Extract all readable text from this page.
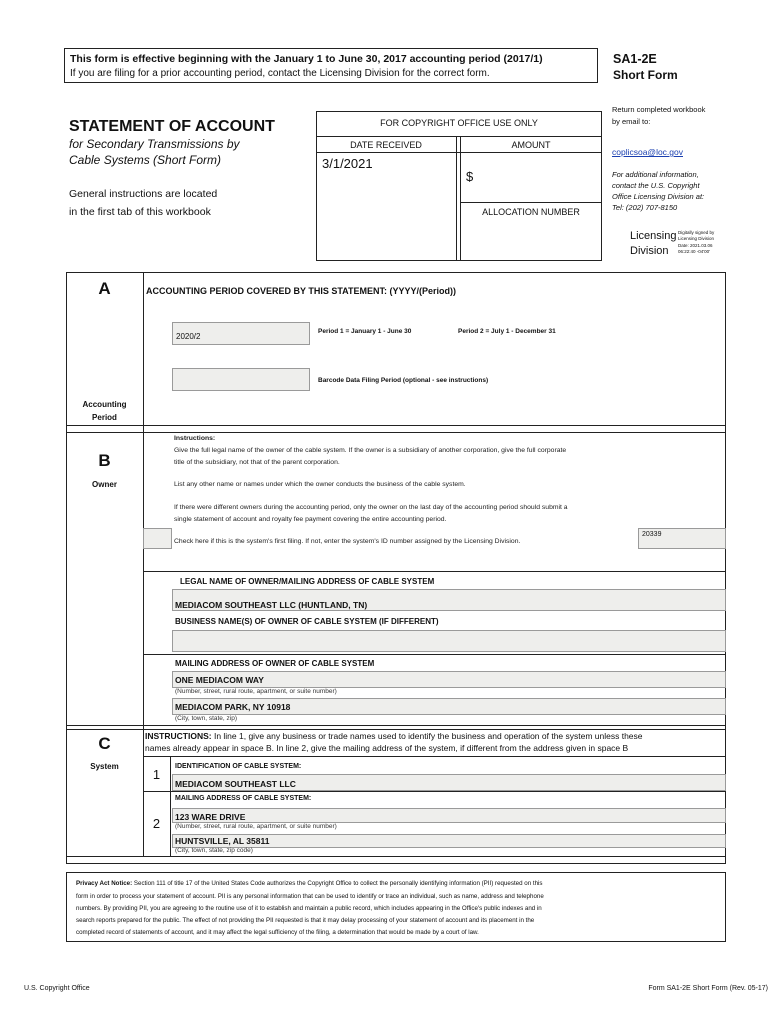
This form is effective beginning with the January 1 to June 30, 2017 accounting period (2017/1)
If you are filing for a prior accounting period, contact the Licensing Division for the correct form.
SA1-2E
Short Form
STATEMENT OF ACCOUNT
for Secondary Transmissions by
Cable Systems (Short Form)
General instructions are located
in the first tab of this workbook
FOR COPYRIGHT OFFICE USE ONLY
DATE RECEIVED	AMOUNT
3/1/2021
$
ALLOCATION NUMBER
Return completed workbook
by email to:
coplicsoa@loc.gov
For additional information,
contact the U.S. Copyright
Office Licensing Division at:
Tel: (202) 707-8150
Licensing
Division
Digitally signed by
Licensing Division
Date: 2021.03.06
06:22:40 -04'00'
A
Accounting
Period
ACCOUNTING PERIOD COVERED BY THIS STATEMENT: (YYYY/(Period))
2020/2
Period 1 = January 1 - June 30	Period 2 = July 1 - December 31
Barcode Data Filing Period (optional - see instructions)
B
Owner
Instructions:
Give the full legal name of the owner of the cable system. If the owner is a subsidiary of another corporation, give the full corporate
title of the subsidiary, not that of the parent corporation.
List any other name or names under which the owner conducts the business of the cable system.
If there were different owners during the accounting period, only the owner on the last day of the accounting period should submit a
single statement of account and royalty fee payment covering the entire accounting period.
Check here if this is the system's first filing. If not, enter the system's ID number assigned by the Licensing Division.
20339
LEGAL NAME OF OWNER/MAILING ADDRESS OF CABLE SYSTEM
MEDIACOM SOUTHEAST LLC (HUNTLAND, TN)
BUSINESS NAME(S) OF OWNER OF CABLE SYSTEM (IF DIFFERENT)
MAILING ADDRESS OF OWNER OF CABLE SYSTEM
ONE MEDIACOM WAY
(Number, street, rural route, apartment, or suite number)
MEDIACOM PARK, NY 10918
(City, town, state, zip)
C
System
INSTRUCTIONS: In line 1, give any business or trade names used to identify the business and operation of the system unless these
names already appear in space B. In line 2, give the mailing address of the system, if different from the address given in space B
1
IDENTIFICATION OF CABLE SYSTEM:
MEDIACOM SOUTHEAST LLC
MAILING ADDRESS OF CABLE SYSTEM:
2	123 WARE DRIVE
(Number, street, rural route, apartment, or suite number)
HUNTSVILLE, AL 35811
(City, town, state, zip code)
Privacy Act Notice: Section 111 of title 17 of the United States Code authorizes the Copyright Office to collect the personally identifying information (PII) requested on this
form in order to process your statement of account. PII is any personal information that can be used to identify or trace an individual, such as name, address and telephone
numbers. By providing PII, you are agreeing to the routine use of it to establish and maintain a public record, which includes appearing in the Office's public indexes and in
search reports prepared for the public. The effect of not providing the PII requested is that it may delay processing of your statement of account and its placement in the
completed record of statements of account, and it may affect the legal sufficiency of the filing, a determination that would be made by a court of law.
U.S. Copyright Office	Form SA1-2E Short Form (Rev. 05-17)
